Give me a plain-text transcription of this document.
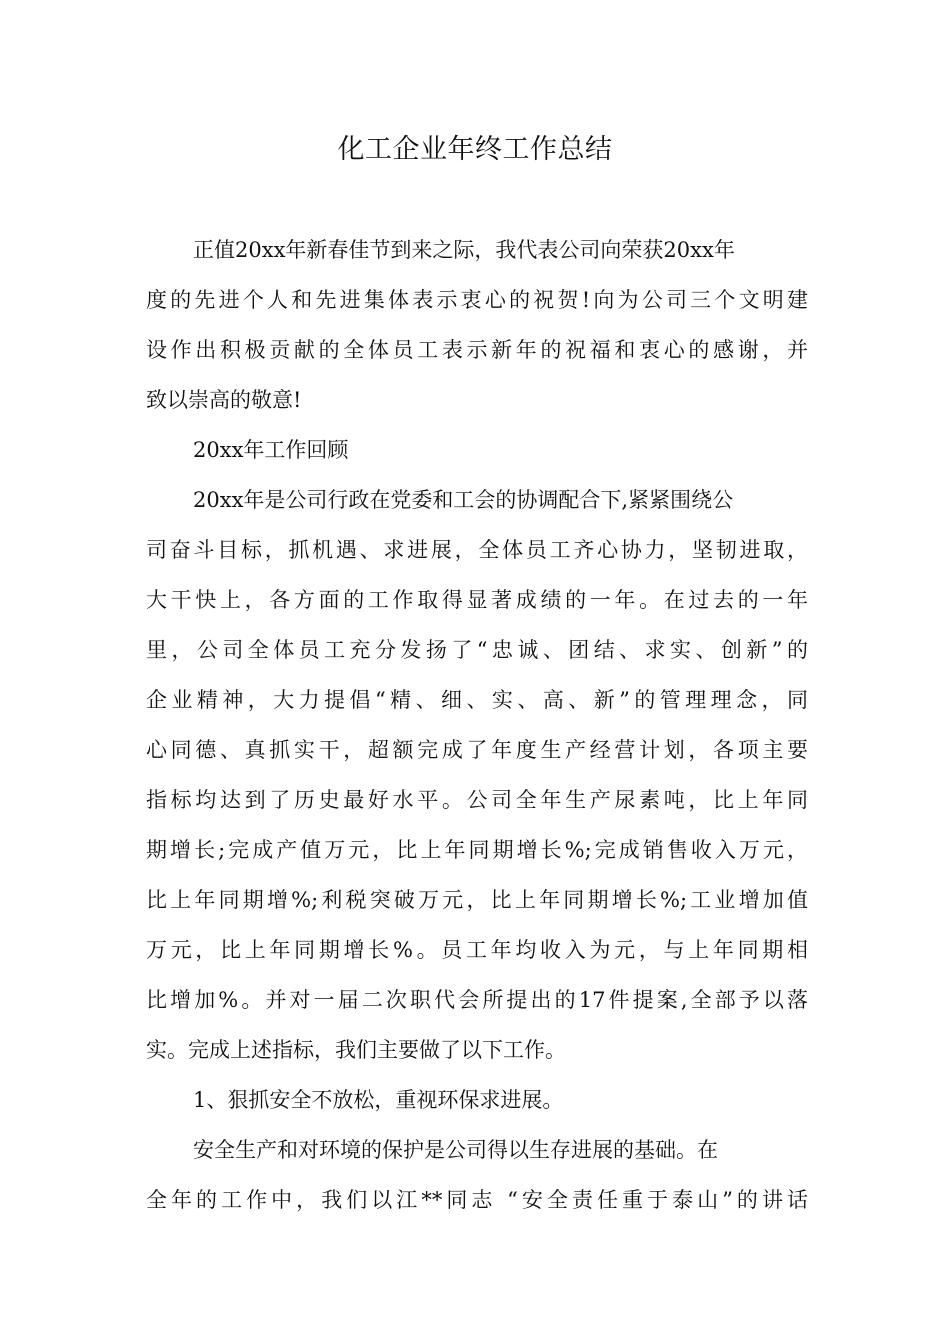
化工企业年终工作总结
正值20xx年新春佳节到来之际，我代表公司向荣获20xx年
度的先进个人和先进集体表示衷心的祝贺!向为公司三个文明建
设作出积极贡献的全体员工表示新年的祝福和衷心的感谢，并
致以崇高的敬意!
20xx年工作回顾
20xx年是公司行政在党委和工会的协调配合下,紧紧围绕公
司奋斗目标，抓机遇、求进展，全体员工齐心协力，坚韧进取，
大干快上，各方面的工作取得显著成绩的一年。在过去的一年
里，公司全体员工充分发扬了“忠诚、团结、求实、创新”的
企业精神，大力提倡“精、细、实、高、新”的管理理念，同
心同德、真抓实干，超额完成了年度生产经营计划，各项主要
指标均达到了历史最好水平。公司全年生产尿素吨，比上年同
期增长;完成产值万元，比上年同期增长%;完成销售收入万元，
比上年同期增%;利税突破万元，比上年同期增长%;工业增加值
万元，比上年同期增长%。员工年均收入为元，与上年同期相
比增加%。并对一届二次职代会所提出的17件提案,全部予以落
实。完成上述指标，我们主要做了以下工作。
1、狠抓安全不放松，重视环保求进展。
安全生产和对环境的保护是公司得以生存进展的基础。在
全年的工作中，我们以江**同志 “安全责任重于泰山”的讲话
